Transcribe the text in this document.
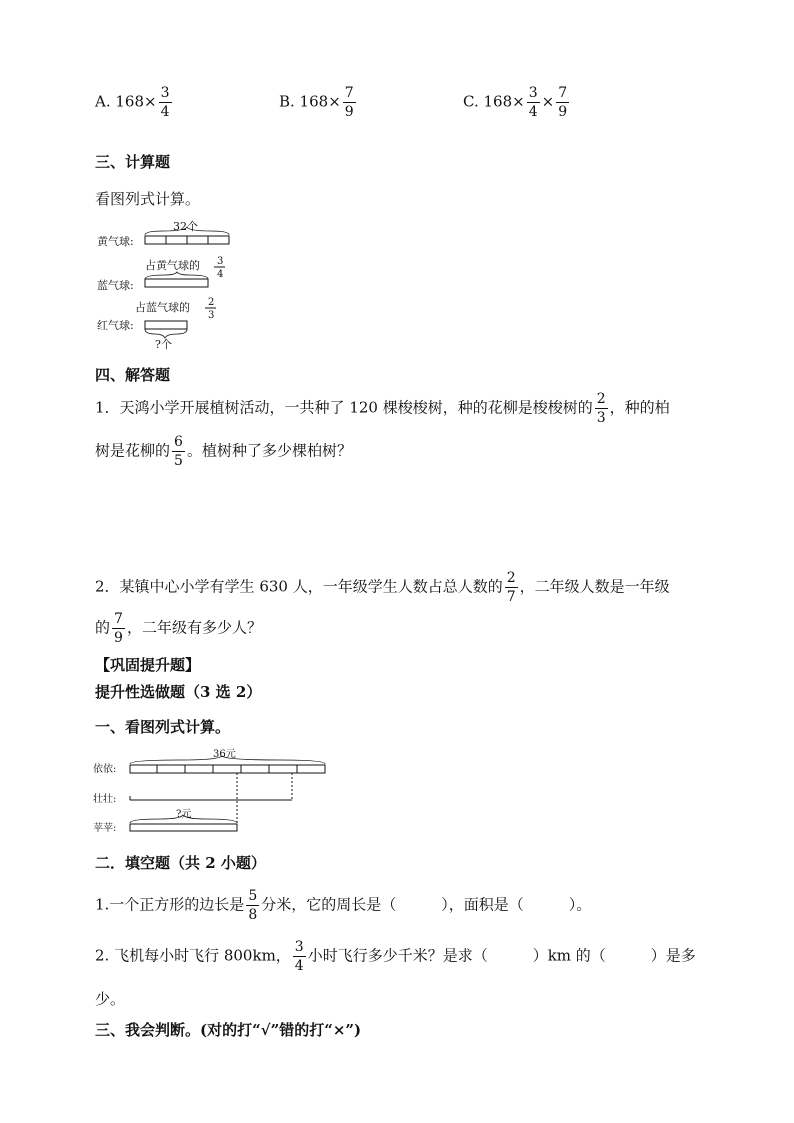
A. $168\times \frac{3}{4}$	B. $168\times \frac{7}{9}$	C. $168\times \frac{3}{4} \times \frac{7}{9}$
三、计算题
看图列式计算。
黄气球:
32个
占黄气球的 3
4
蓝气球:
占蓝气球的 2
3
红气球:
?个
四、解答题
1．天鸿小学开展植树活动，一共种了 120 棵梭梭树，种的花柳是梭梭树的 $\frac{2}{3}$ ，种的柏
树是花柳的 $\frac{6}{5}$ 。植树种了多少棵柏树？
2．某镇中心小学有学生 630 人，一年级学生人数占总人数的 $\frac{2}{7}$ ，二年级人数是一年级
的 $\frac{7}{9}$ ，二年级有多少人？
【巩固提升题】
提升性选做题（3 选 2）
一、看图列式计算。
依依:
36元
壮壮:
苹苹:
?元
二．填空题（共 2 小题）
1.一个正方形的边长是 $\frac{5}{8}$ 分米，它的周长是（　　　），面积是（　　　）。
2. 飞机每小时飞行 800km， $\frac{3}{4}$ 小时飞行多少千米？是求（　　　）km 的（　　　）是多
少。
三、我会判断。(对的打“√”错的打“×”)
